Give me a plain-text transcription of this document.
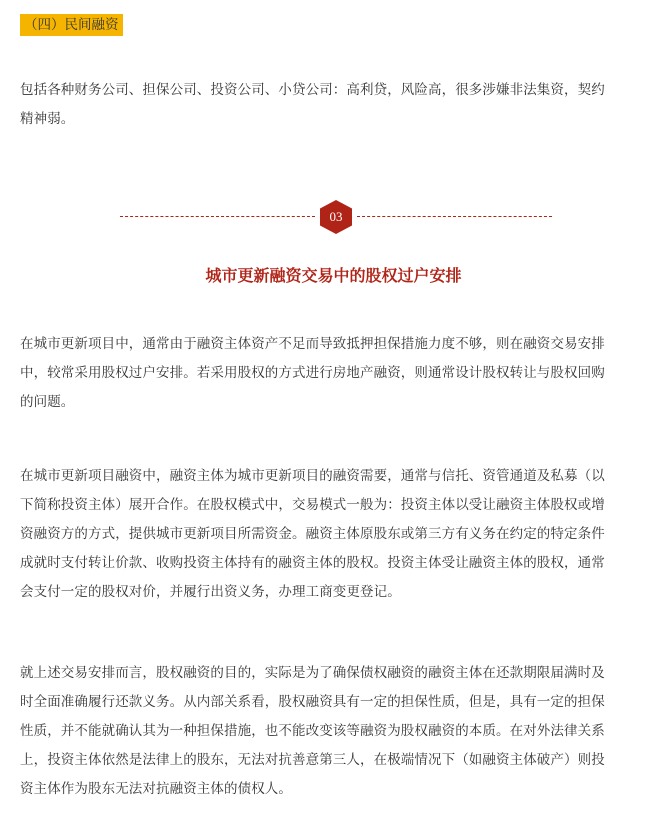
（四）民间融资

包括各种财务公司、担保公司、投资公司、小贷公司：高利贷，风险高，很多涉嫌非法集资，契约
精神弱。

03
城市更新融资交易中的股权过户安排

在城市更新项目中，通常由于融资主体资产不足而导致抵押担保措施力度不够，则在融资交易安排
中，较常采用股权过户安排。若采用股权的方式进行房地产融资，则通常设计股权转让与股权回购
的问题。

在城市更新项目融资中，融资主体为城市更新项目的融资需要，通常与信托、资管通道及私募（以
下简称投资主体）展开合作。在股权模式中，交易模式一般为：投资主体以受让融资主体股权或增
资融资方的方式，提供城市更新项目所需资金。融资主体原股东或第三方有义务在约定的特定条件
成就时支付转让价款、收购投资主体持有的融资主体的股权。投资主体受让融资主体的股权，通常
会支付一定的股权对价，并履行出资义务，办理工商变更登记。

就上述交易安排而言，股权融资的目的，实际是为了确保债权融资的融资主体在还款期限届满时及
时全面准确履行还款义务。从内部关系看，股权融资具有一定的担保性质，但是，具有一定的担保
性质，并不能就确认其为一种担保措施，也不能改变该等融资为股权融资的本质。在对外法律关系
上，投资主体依然是法律上的股东，无法对抗善意第三人，在极端情况下（如融资主体破产）则投
资主体作为股东无法对抗融资主体的债权人。
